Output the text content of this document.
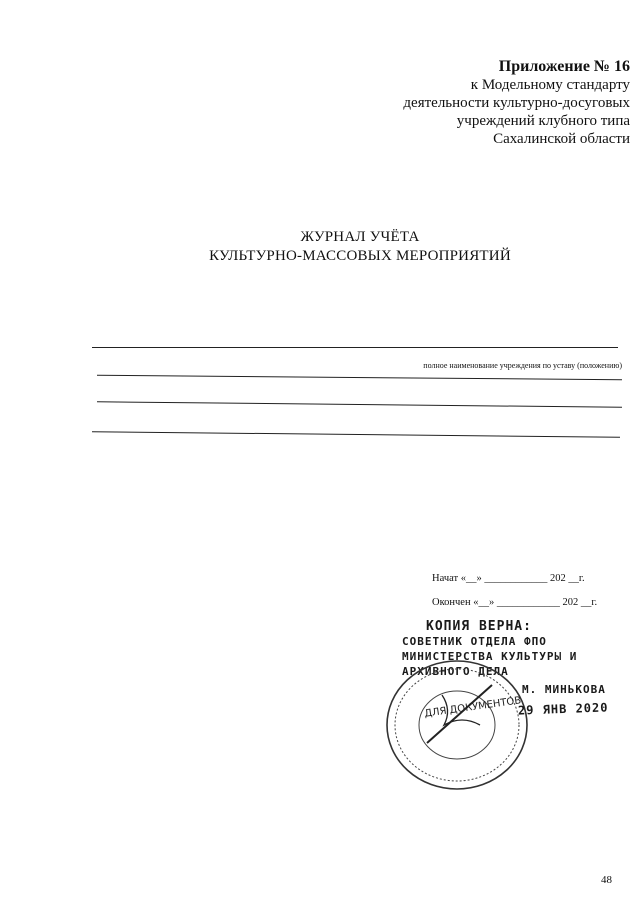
Приложение № 16
к Модельному стандарту
деятельности культурно-досуговых
учреждений клубного типа
Сахалинской области
ЖУРНАЛ УЧЁТА
КУЛЬТУРНО-МАССОВЫХ МЕРОПРИЯТИЙ
полное наименование учреждения по уставу (положению)
Начат «__» ____________ 202 __г.
Окончен «__» ____________ 202 __г.
КОПИЯ ВЕРНА:
СОВЕТНИК ОТДЕЛА ФПО
МИНИСТЕРСТВА КУЛЬТУРЫ И
АРХИВНОГО ДЕЛА
М. МИНЬКОВА
ДЛЯ ДОКУМЕНТОВ
29 ЯНВ 2020
48
